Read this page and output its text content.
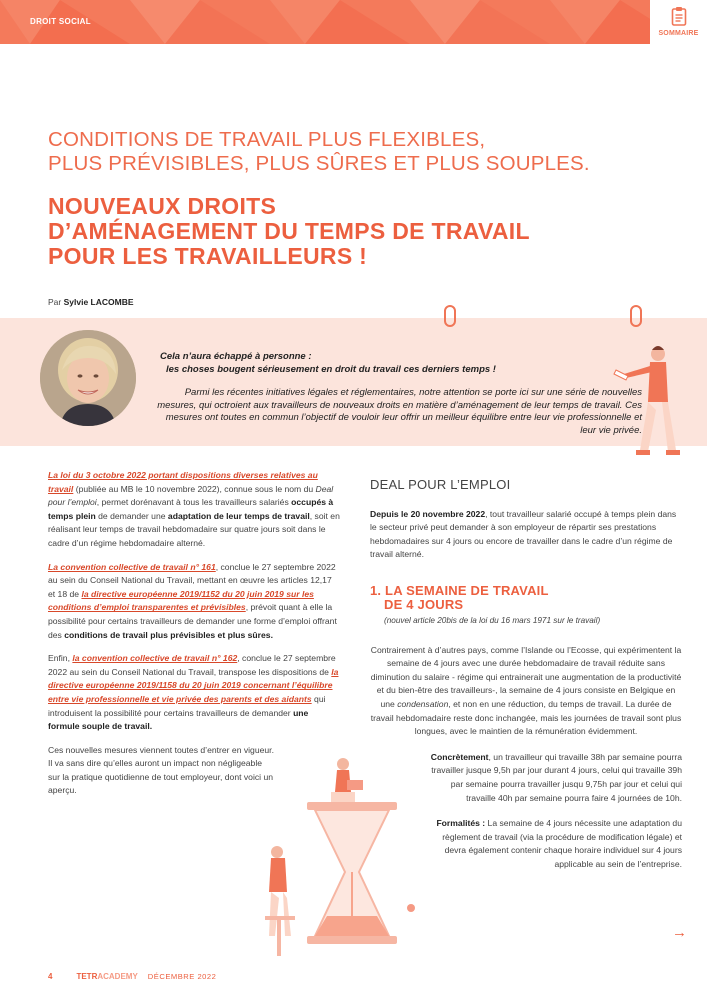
DROIT SOCIAL
SOMMAIRE
CONDITIONS DE TRAVAIL PLUS FLEXIBLES,
PLUS PRÉVISIBLES, PLUS SÛRES ET PLUS SOUPLES.
NOUVEAUX DROITS
D’AMÉNAGEMENT DU TEMPS DE TRAVAIL
POUR LES TRAVAILLEURS !
Par Sylvie LACOMBE

Cela n’aura échappé à personne :
les choses bougent sérieusement en droit du travail ces derniers temps !

Parmi les récentes initiatives légales et réglementaires, notre attention se porte ici sur une série de nouvelles mesures, qui octroient aux travailleurs de nouveaux droits en matière d’aménagement de leur temps de travail. Ces mesures ont toutes en commun l’objectif de vouloir leur offrir un meilleur équilibre entre leur vie professionnelle et leur vie privée.

La loi du 3 octobre 2022 portant dispositions diverses relatives au travail (publiée au MB le 10 novembre 2022), connue sous le nom du Deal pour l’emploi, permet dorénavant à tous les travailleurs salariés occupés à temps plein de demander une adaptation de leur temps de travail, soit en réalisant leur temps de travail hebdomadaire sur quatre jours soit dans le cadre d’un régime hebdomadaire alterné.

La convention collective de travail n° 161, conclue le 27 septembre 2022 au sein du Conseil National du Travail, mettant en œuvre les articles 12,17 et 18 de la directive européenne 2019/1152 du 20 juin 2019 sur les conditions d’emploi transparentes et prévisibles, prévoit quant à elle la possibilité pour certains travailleurs de demander une forme d’emploi offrant des conditions de travail plus prévisibles et plus sûres.

Enfin, la convention collective de travail n° 162, conclue le 27 septembre 2022 au sein du Conseil National du Travail, transpose les dispositions de la directive européenne 2019/1158 du 20 juin 2019 concernant l’équilibre entre vie professionnelle et vie privée des parents et des aidants qui introduisent la possibilité pour certains travailleurs de demander une formule souple de travail.

Ces nouvelles mesures viennent toutes d’entrer en vigueur. Il va sans dire qu’elles auront un impact non négligeable sur la pratique quotidienne de tout employeur, dont voici un aperçu.

DEAL POUR L’EMPLOI

Depuis le 20 novembre 2022, tout travailleur salarié occupé à temps plein dans le secteur privé peut demander à son employeur de répartir ses prestations hebdomadaires sur 4 jours ou encore de travailler dans le cadre d’un régime de travail alterné.

1. LA SEMAINE DE TRAVAIL
DE 4 JOURS
(nouvel article 20bis de la loi du 16 mars 1971 sur le travail)

Contrairement à d’autres pays, comme l’Islande ou l’Ecosse, qui expérimentent la semaine de 4 jours avec une durée hebdomadaire de travail réduite sans diminution du salaire - régime qui entrainerait une augmentation de la productivité et du bien-être des travailleurs-, la semaine de 4 jours consiste en Belgique en une condensation, et non en une réduction, du temps de travail. La durée de travail hebdomadaire reste donc inchangée, mais les journées de travail sont plus longues, avec le maintien de la rémunération évidemment.

Concrètement, un travailleur qui travaille 38h par semaine pourra travailler jusque 9,5h par jour durant 4 jours, celui qui travaille 39h par semaine pourra travailler jusqu 9,75h par jour et celui qui travaille 40h par semaine pourra faire 4 journées de 10h.

Formalités : La semaine de 4 jours nécessite une adaptation du règlement de travail (via la procédure de modification légale) et devra également contenir chaque horaire individuel sur 4 jours applicable au sein de l’entreprise.

→
4	TETRACADEMY DÉCEMBRE 2022
